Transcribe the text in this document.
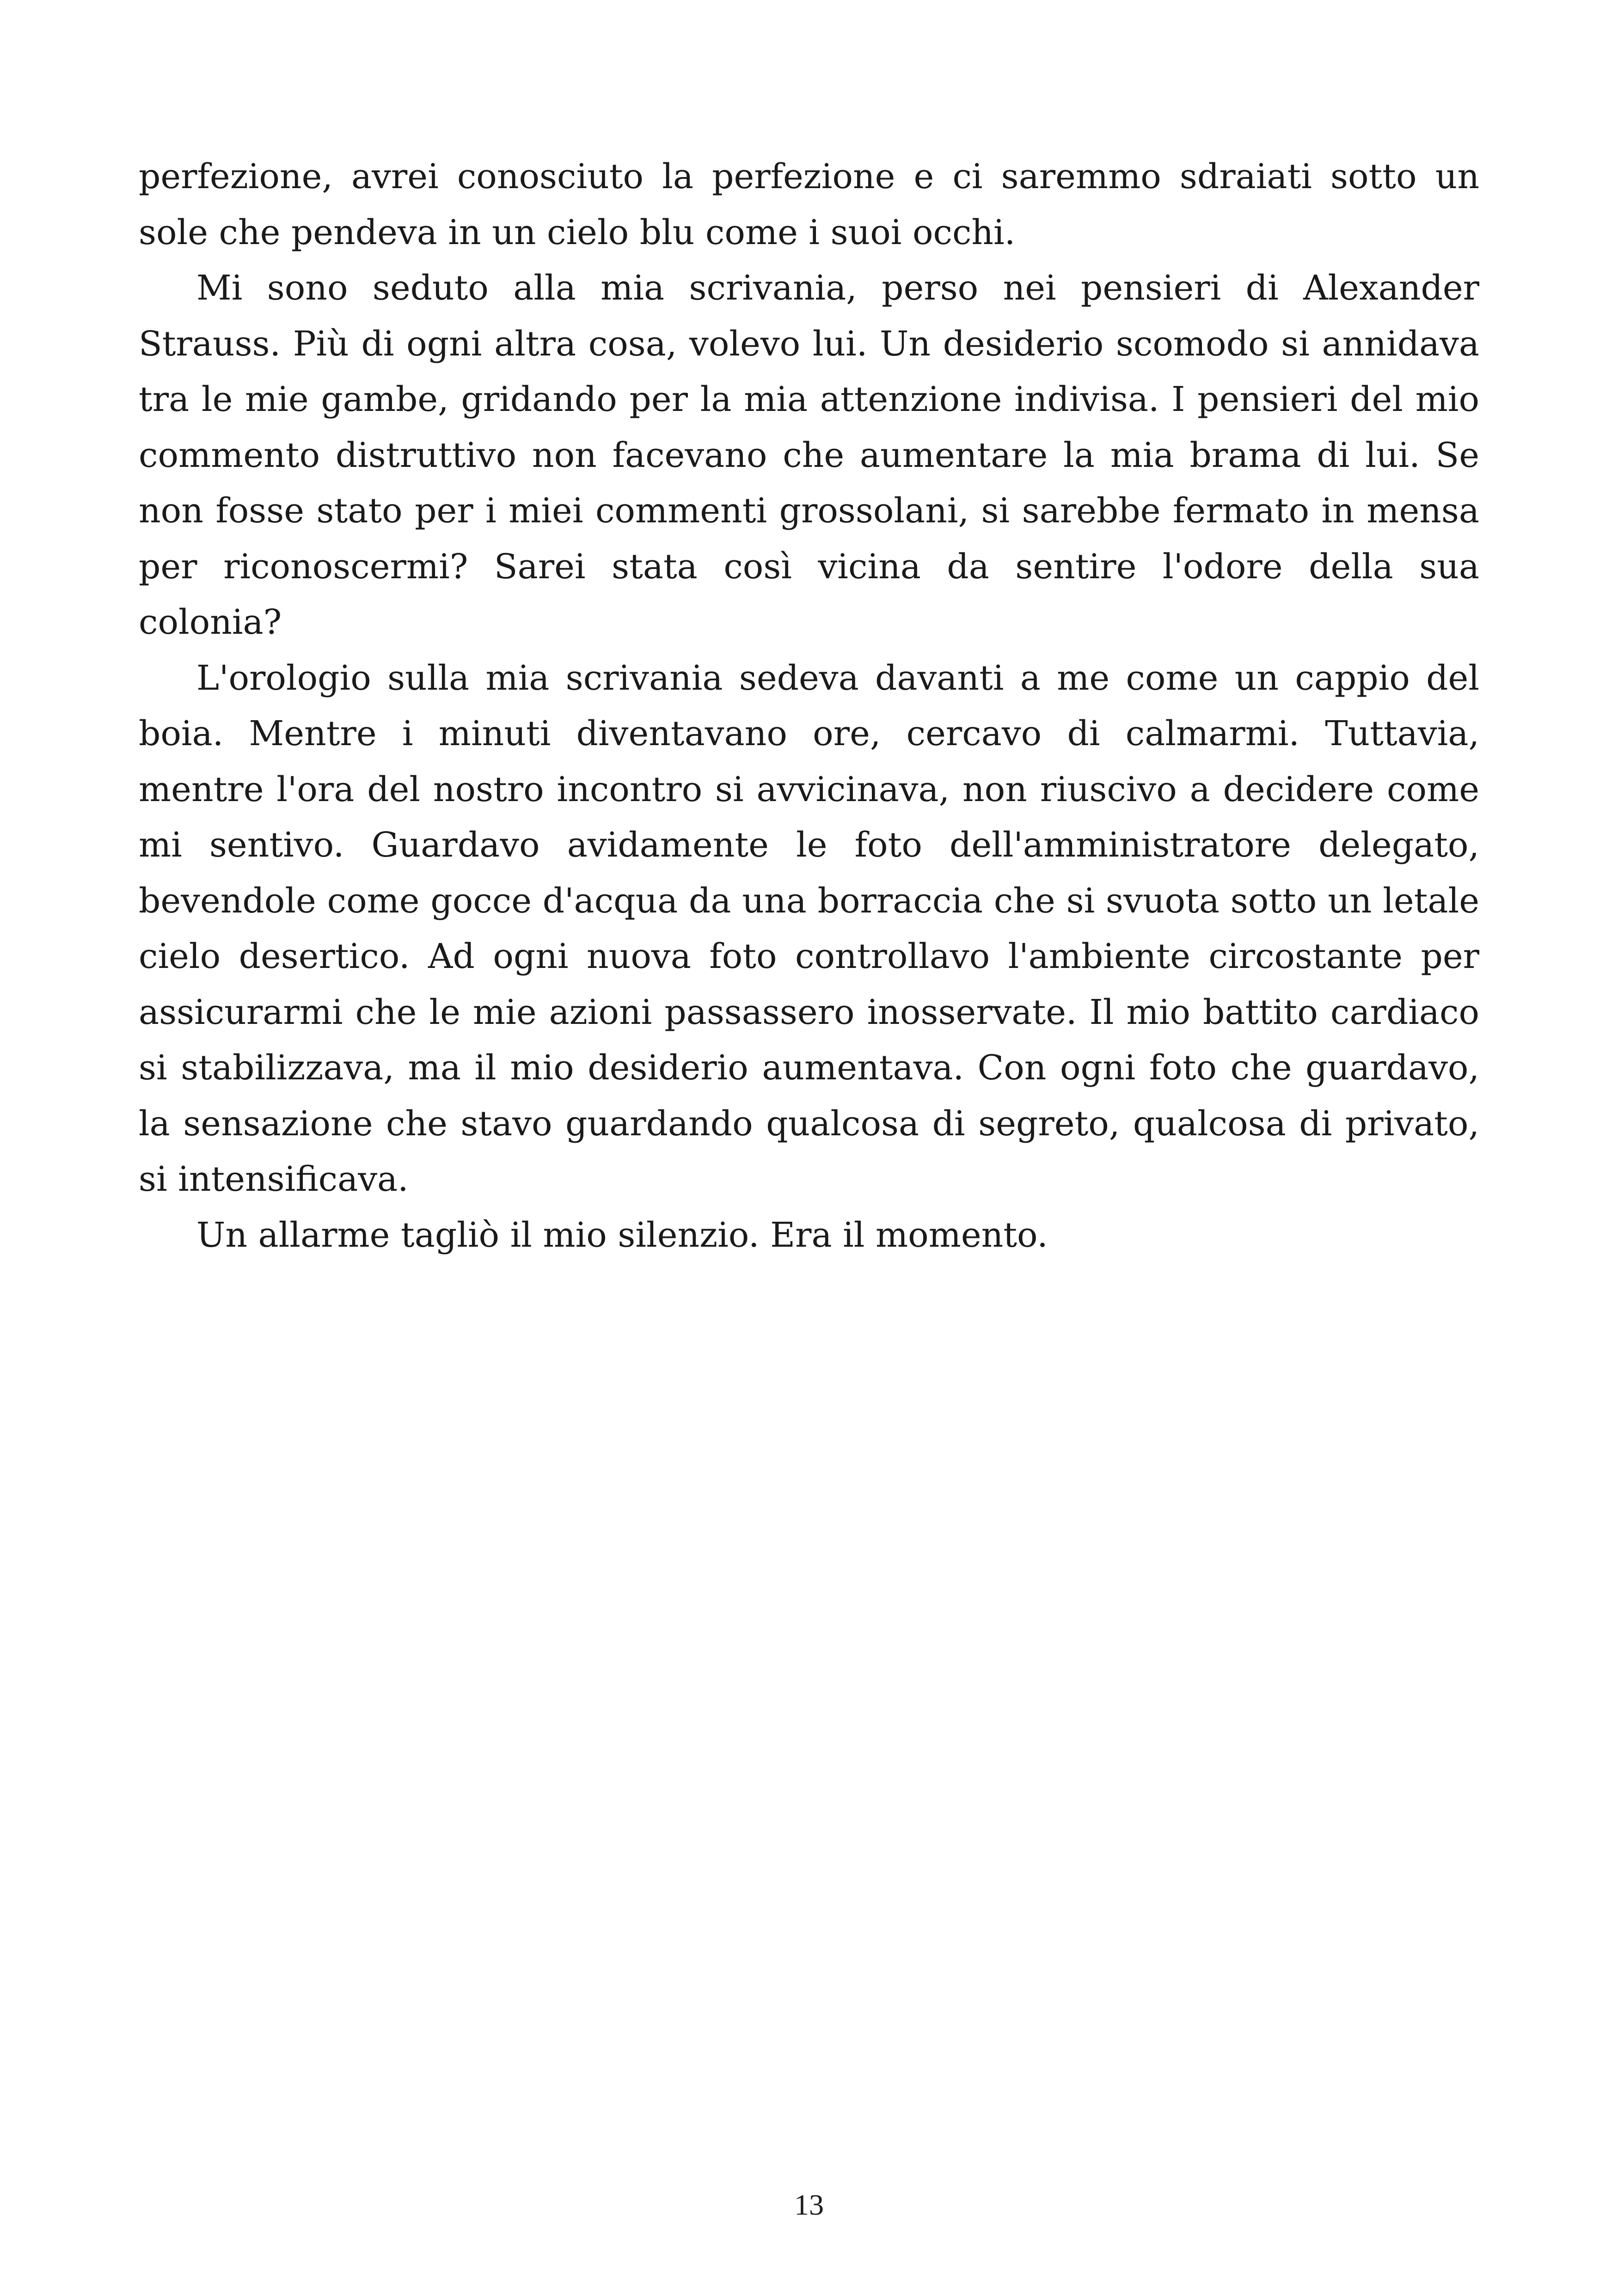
perfezione, avrei conosciuto la perfezione e ci saremmo sdraiati sotto un sole che pendeva in un cielo blu come i suoi occhi.

Mi sono seduto alla mia scrivania, perso nei pensieri di Alexander Strauss. Più di ogni altra cosa, volevo lui. Un desiderio scomodo si annidava tra le mie gambe, gridando per la mia attenzione indivisa. I pensieri del mio commento distruttivo non facevano che aumentare la mia brama di lui. Se non fosse stato per i miei commenti grossolani, si sarebbe fermato in mensa per riconoscermi? Sarei stata così vicina da sentire l'odore della sua colonia?

L'orologio sulla mia scrivania sedeva davanti a me come un cappio del boia. Mentre i minuti diventavano ore, cercavo di calmarmi. Tuttavia, mentre l'ora del nostro incontro si avvicinava, non riuscivo a decidere come mi sentivo. Guardavo avidamente le foto dell'amministratore delegato, bevendole come gocce d'acqua da una borraccia che si svuota sotto un letale cielo desertico. Ad ogni nuova foto controllavo l'ambiente circostante per assicurarmi che le mie azioni passassero inosservate. Il mio battito cardiaco si stabilizzava, ma il mio desiderio aumentava. Con ogni foto che guardavo, la sensazione che stavo guardando qualcosa di segreto, qualcosa di privato, si intensificava.

Un allarme tagliò il mio silenzio. Era il momento.

13
